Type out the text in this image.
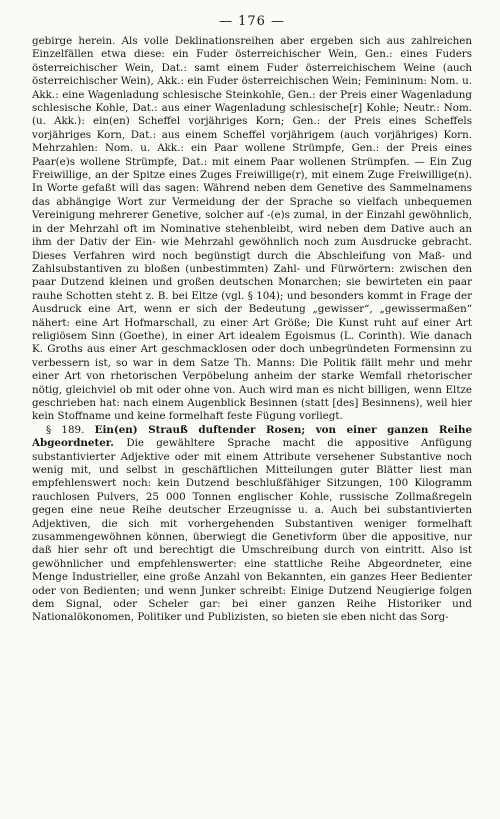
— 176 —

gebirge herein. Als volle Deklinationsreihen aber ergeben sich aus zahlreichen Einzelfällen etwa diese: ein Fuder österreichischer Wein, Gen.: eines Fuders österreichischer Wein, Dat.: samt einem Fuder österreichischem Weine (auch österreichischer Wein), Akk.: ein Fuder österreichischen Wein; Femininum: Nom. u. Akk.: eine Wagenladung schlesische Steinkohle, Gen.: der Preis einer Wagenladung schlesische Kohle, Dat.: aus einer Wagenladung schlesische[r] Kohle; Neutr.: Nom. (u. Akk.): ein(en) Scheffel vorjähriges Korn; Gen.: der Preis eines Scheffels vorjähriges Korn, Dat.: aus einem Scheffel vorjährigem (auch vorjähriges) Korn. Mehrzahlen: Nom. u. Akk.: ein Paar wollene Strümpfe, Gen.: der Preis eines Paar(e)s wollene Strümpfe, Dat.: mit einem Paar wollenen Strümpfen. — Ein Zug Freiwillige, an der Spitze eines Zuges Freiwillige(r), mit einem Zuge Freiwillige(n). In Worte gefaßt will das sagen: Während neben dem Genetive des Sammelnamens das abhängige Wort zur Vermeidung der der Sprache so vielfach unbequemen Vereinigung mehrerer Genetive, solcher auf -(e)s zumal, in der Einzahl gewöhnlich, in der Mehrzahl oft im Nominative stehenbleibt, wird neben dem Dative auch an ihm der Dativ der Ein- wie Mehrzahl gewöhnlich noch zum Ausdrucke gebracht. Dieses Verfahren wird noch begünstigt durch die Abschleifung von Maß- und Zahlsubstantiven zu bloßen (unbestimmten) Zahl- und Fürwörtern: zwischen den paar Dutzend kleinen und großen deutschen Monarchen; sie bewirteten ein paar rauhe Schotten steht z. B. bei Eltze (vgl. § 104); und besonders kommt in Frage der Ausdruck eine Art, wenn er sich der Bedeutung „gewisser“, „gewissermaßen“ nähert: eine Art Hofmarschall, zu einer Art Größe; Die Kunst ruht auf einer Art religiösem Sinn (Goethe), in einer Art idealem Egoismus (L. Corinth). Wie danach K. Groths aus einer Art geschmacklosen oder doch unbegründeten Formensinn zu verbessern ist, so war in dem Satze Th. Manns: Die Politik fällt mehr und mehr einer Art von rhetorischen Verpöbelung anheim der starke Wemfall rhetorischer nötig, gleichviel ob mit oder ohne von. Auch wird man es nicht billigen, wenn Eltze geschrieben hat: nach einem Augenblick Besinnen (statt [des] Besinnens), weil hier kein Stoffname und keine formelhaft feste Fügung vorliegt.

§ 189. Ein(en) Strauß duftender Rosen; von einer ganzen Reihe Abgeordneter. Die gewähltere Sprache macht die appositive Anfügung substantivierter Adjektive oder mit einem Attribute versehener Substantive noch wenig mit, und selbst in geschäftlichen Mitteilungen guter Blätter liest man empfehlenswert noch: kein Dutzend beschlußfähiger Sitzungen, 100 Kilogramm rauchlosen Pulvers, 25 000 Tonnen englischer Kohle, russische Zollmaßregeln gegen eine neue Reihe deutscher Erzeugnisse u. a. Auch bei substantivierten Adjektiven, die sich mit vorhergehenden Substantiven weniger formelhaft zusammengewöhnen können, überwiegt die Genetivform über die appositive, nur daß hier sehr oft und berechtigt die Umschreibung durch von eintritt. Also ist gewöhnlicher und empfehlenswerter: eine stattliche Reihe Abgeordneter, eine Menge Industrieller, eine große Anzahl von Bekannten, ein ganzes Heer Bedienter oder von Bedienten; und wenn Junker schreibt: Einige Dutzend Neugierige folgen dem Signal, oder Scheler gar: bei einer ganzen Reihe Historiker und Nationalökonomen, Politiker und Publizisten, so bieten sie eben nicht das Sorg-
